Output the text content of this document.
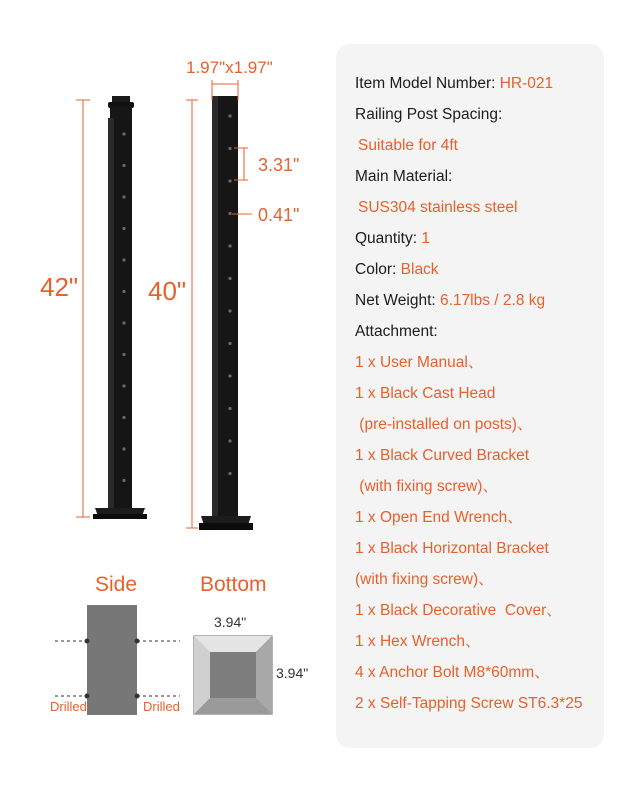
1.97"x1.97"
42"	40"
3.31"
0.41"
Side
Drilled	Drilled
Bottom
3.94"
3.94"
Item Model Number: HR-021
Railing Post Spacing:
Suitable for 4ft
Main Material:
SUS304 stainless steel
Quantity: 1
Color: Black
Net Weight: 6.17lbs / 2.8 kg
Attachment:
1 x User Manual、
1 x Black Cast Head
(pre-installed on posts)、
1 x Black Curved Bracket
(with fixing screw)、
1 x Open End Wrench、
1 x Black Horizontal Bracket
(with fixing screw)、
1 x Black Decorative  Cover、
1 x Hex Wrench、
4 x Anchor Bolt M8*60mm、
2 x Self-Tapping Screw ST6.3*25
